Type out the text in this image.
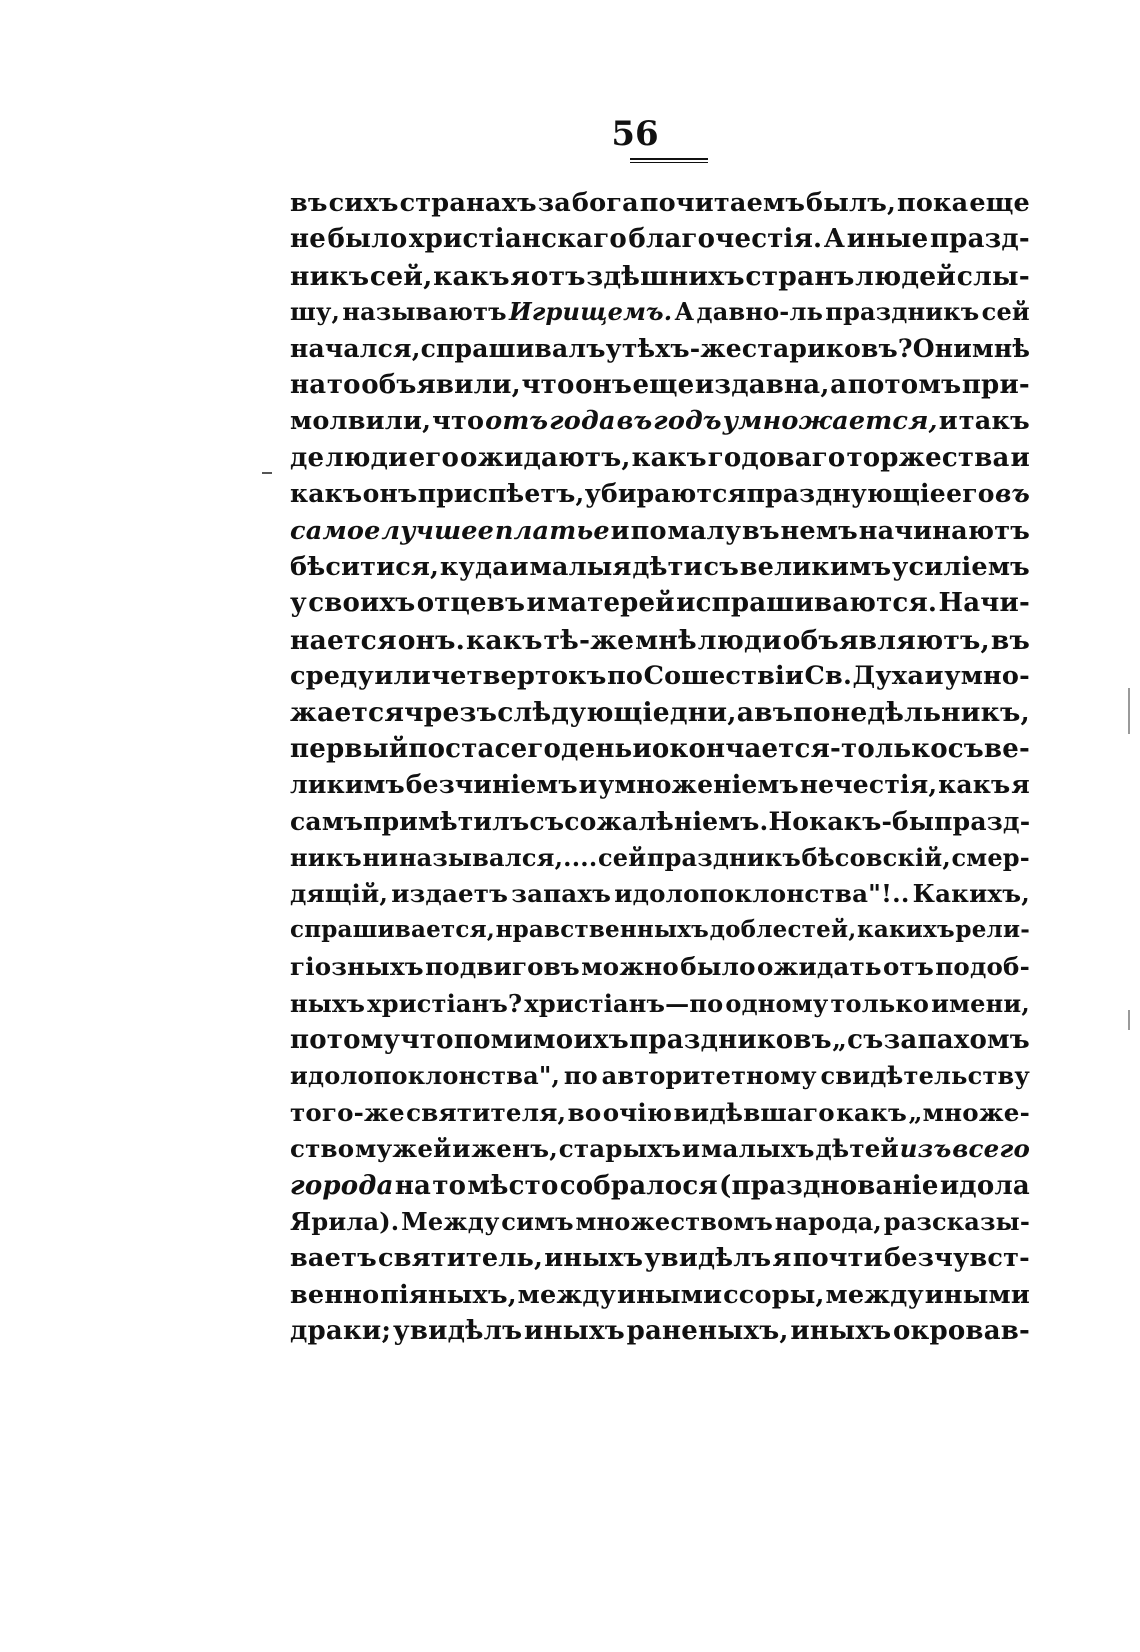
56
въ сихъ странахъ за бога почитаемъ былъ, пока еще
не было христіанскаго благочестія. А иные празд-
никъ сей, какъ я отъ здѣшнихъ странъ людей слы-
шу, называютъ Игрищемъ. А давно-ль праздникъ сей
начался, спрашивалъ у тѣхъ-же стариковъ? Они мнѣ
на то объявили, что онъ еще издавна, а потомъ при-
молвили, что отъ года въ годъ умножается, и такъ
де люди его ожидаютъ, какъ годоваго торжества и
какъ онъ приспѣетъ, убираются празднующіе его въ
самое лучшее платье и по малу въ немъ начинаютъ
бѣситися, куда и малыя дѣти съ великимъ усиліемъ
у своихъ отцевъ и матерей испрашиваются. Начи-
нается онъ. какъ тѣ-же мнѣ люди объявляютъ, въ
среду или четвертокъ по Сошествіи Св. Духа и умно-
жается чрезъ слѣдующіе дни, а въ понедѣльникъ,
первый поста сего день и окончается - только съ ве-
ликимъ безчиніемъ и умноженіемъ нечестія, какъ я
самъ примѣтилъ съ сожалѣніемъ. Но какъ-бы празд-
никъ ни назывался,.... сей праздникъ бѣсовскій, смер-
дящій, издаетъ запахъ идолопоклонства"!.. Какихъ,
спрашивается, нравственныхъ доблестей, какихъ рели-
гіозныхъ подвиговъ можно было ожидать отъ подоб-
ныхъ христіанъ? христіанъ—по одному только имени,
потому что помимо ихъ праздниковъ „съ запахомъ
идолопоклонства", по авторитетному свидѣтельству
того-же святителя, во очію видѣвшаго какъ „множе-
ство мужей и женъ, старыхъ и малыхъ дѣтей изъ всего
города на то мѣсто собралося (празднованіе идола
Ярила). Между симъ множествомъ народа, разсказы-
ваетъ святитель, иныхъ увидѣлъ я почти безчувст-
венно піяныхъ, между иными ссоры, между иными
драки; увидѣлъ иныхъ раненыхъ, иныхъ окровав-
